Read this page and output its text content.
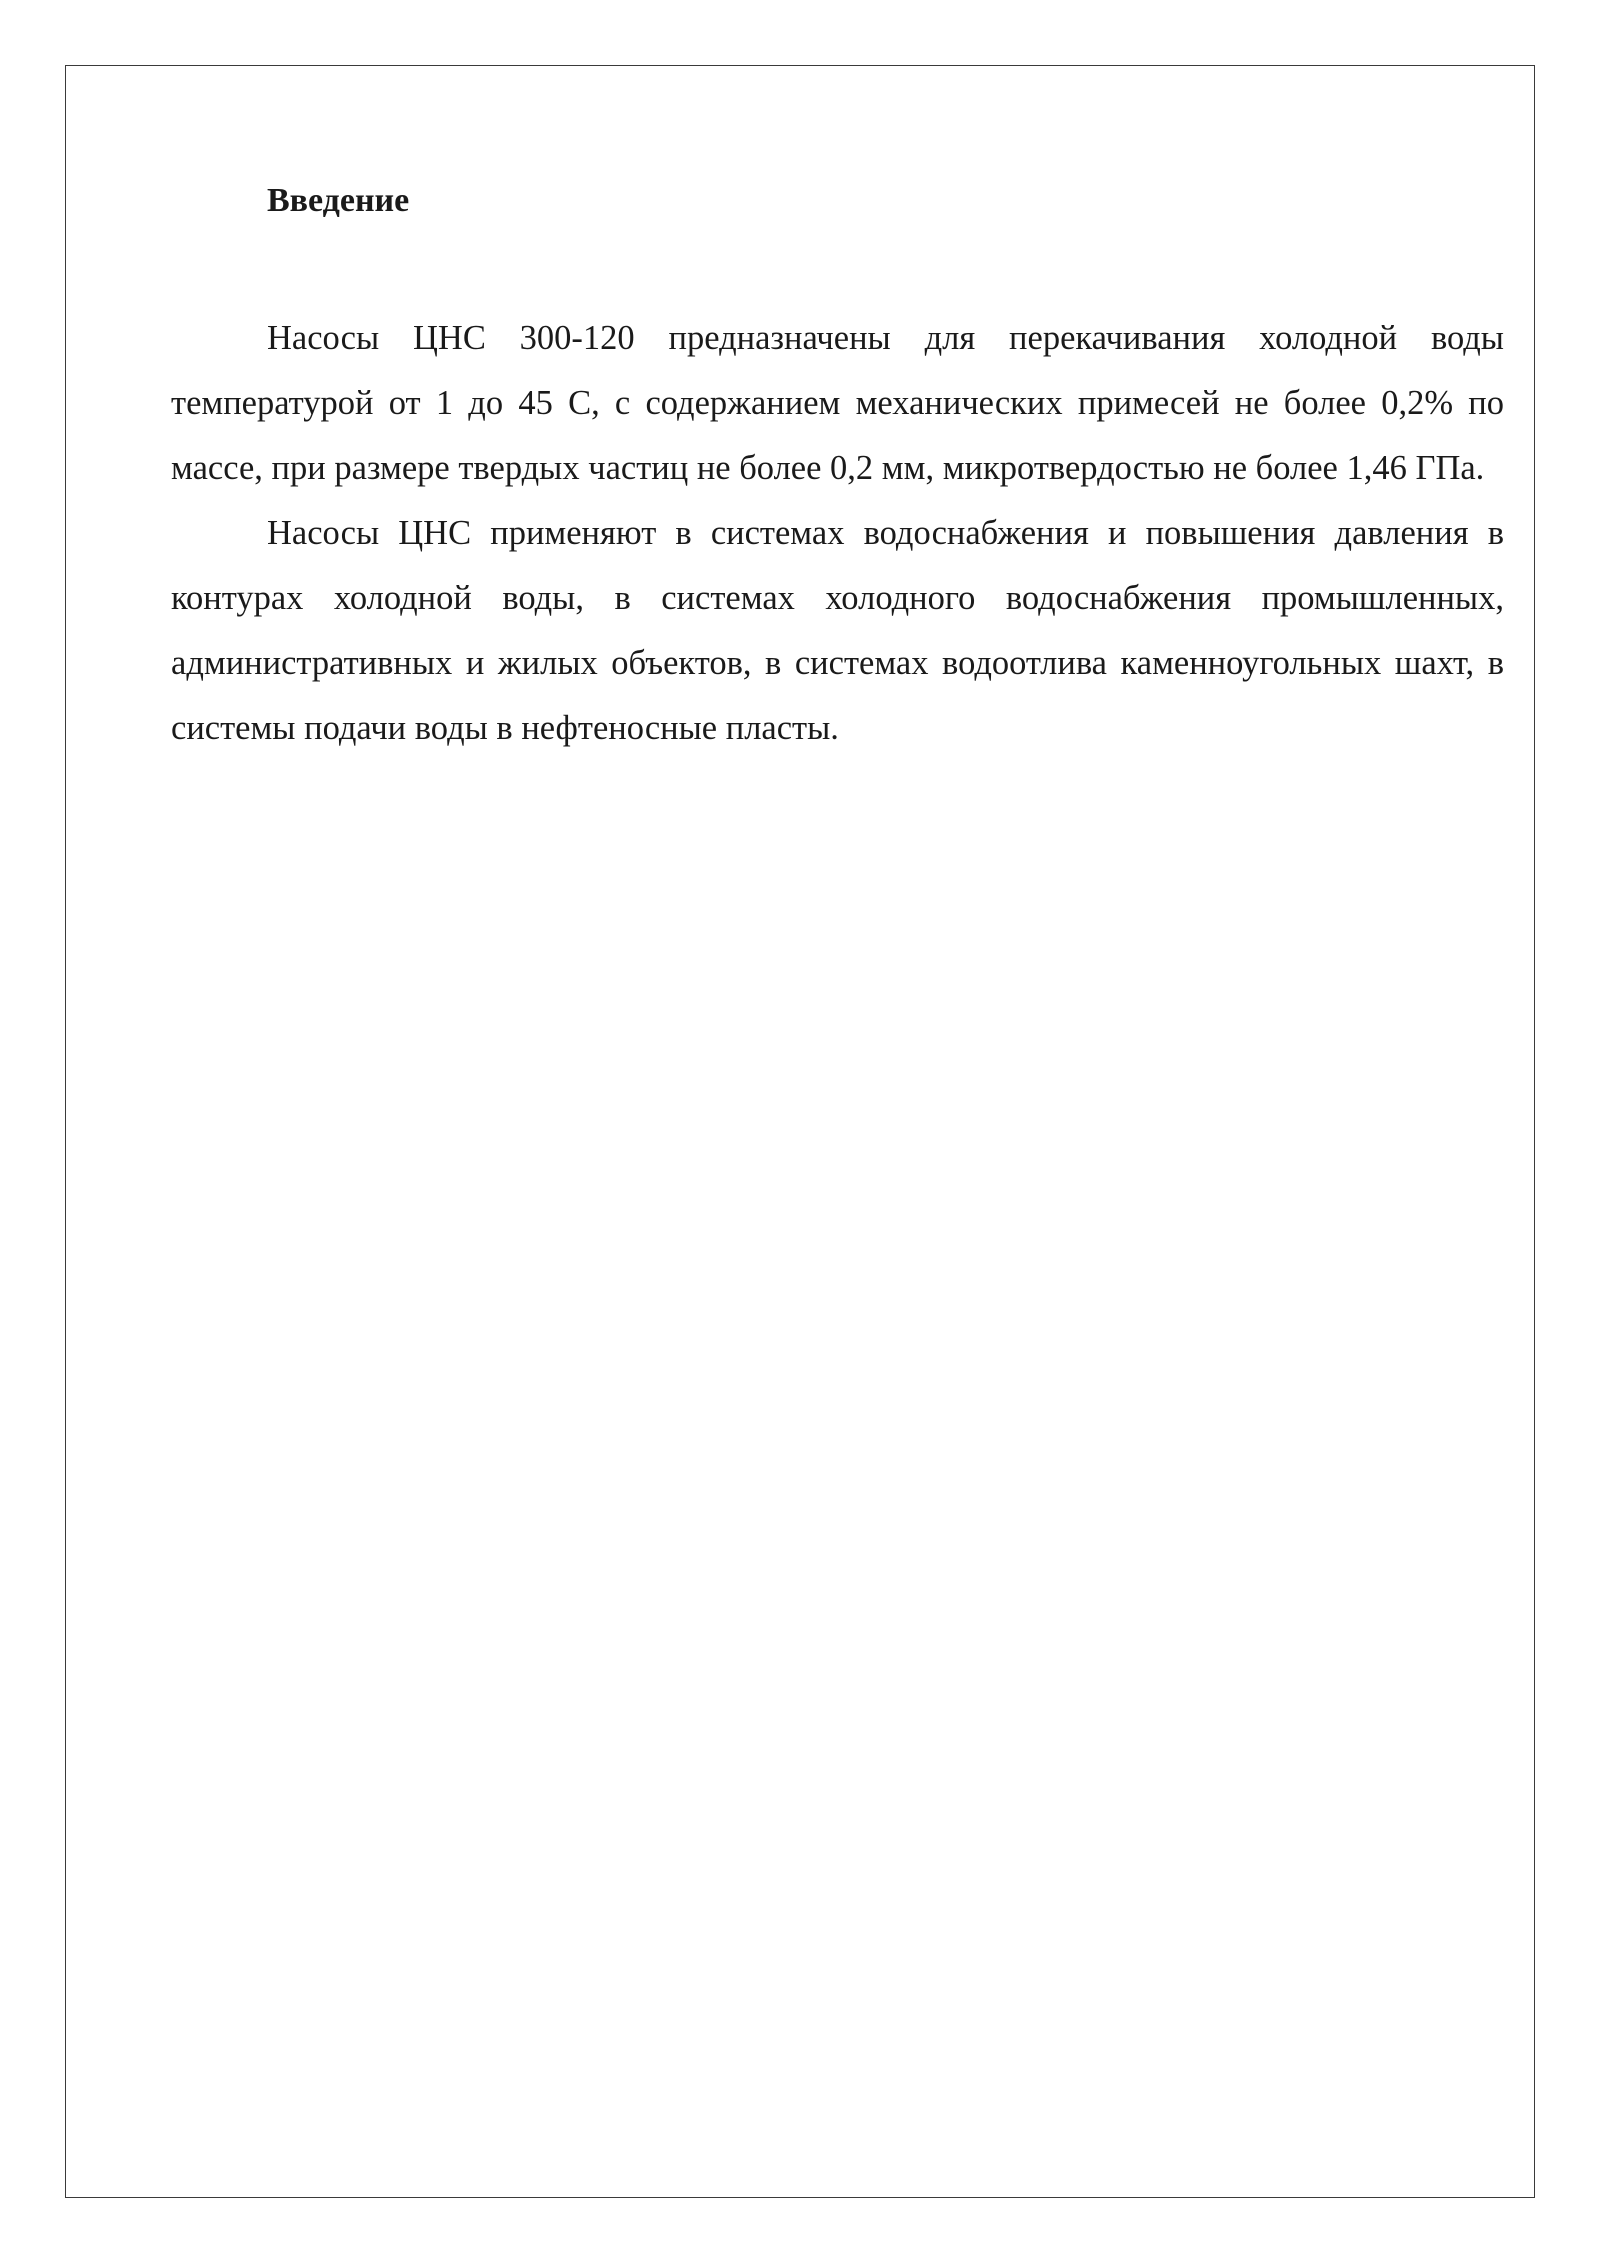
Введение

Насосы ЦНС 300-120 предназначены для перекачивания холодной воды температурой от 1 до 45 С, с содержанием механических примесей не более 0,2% по массе, при размере твердых частиц не более 0,2 мм, микротвердостью не более 1,46 ГПа.

Насосы ЦНС применяют в системах водоснабжения и повышения давления в контурах холодной воды, в системах холодного водоснабжения промышленных, административных и жилых объектов, в системах водоотлива каменноугольных шахт, в системы подачи воды в нефтеносные пласты.
